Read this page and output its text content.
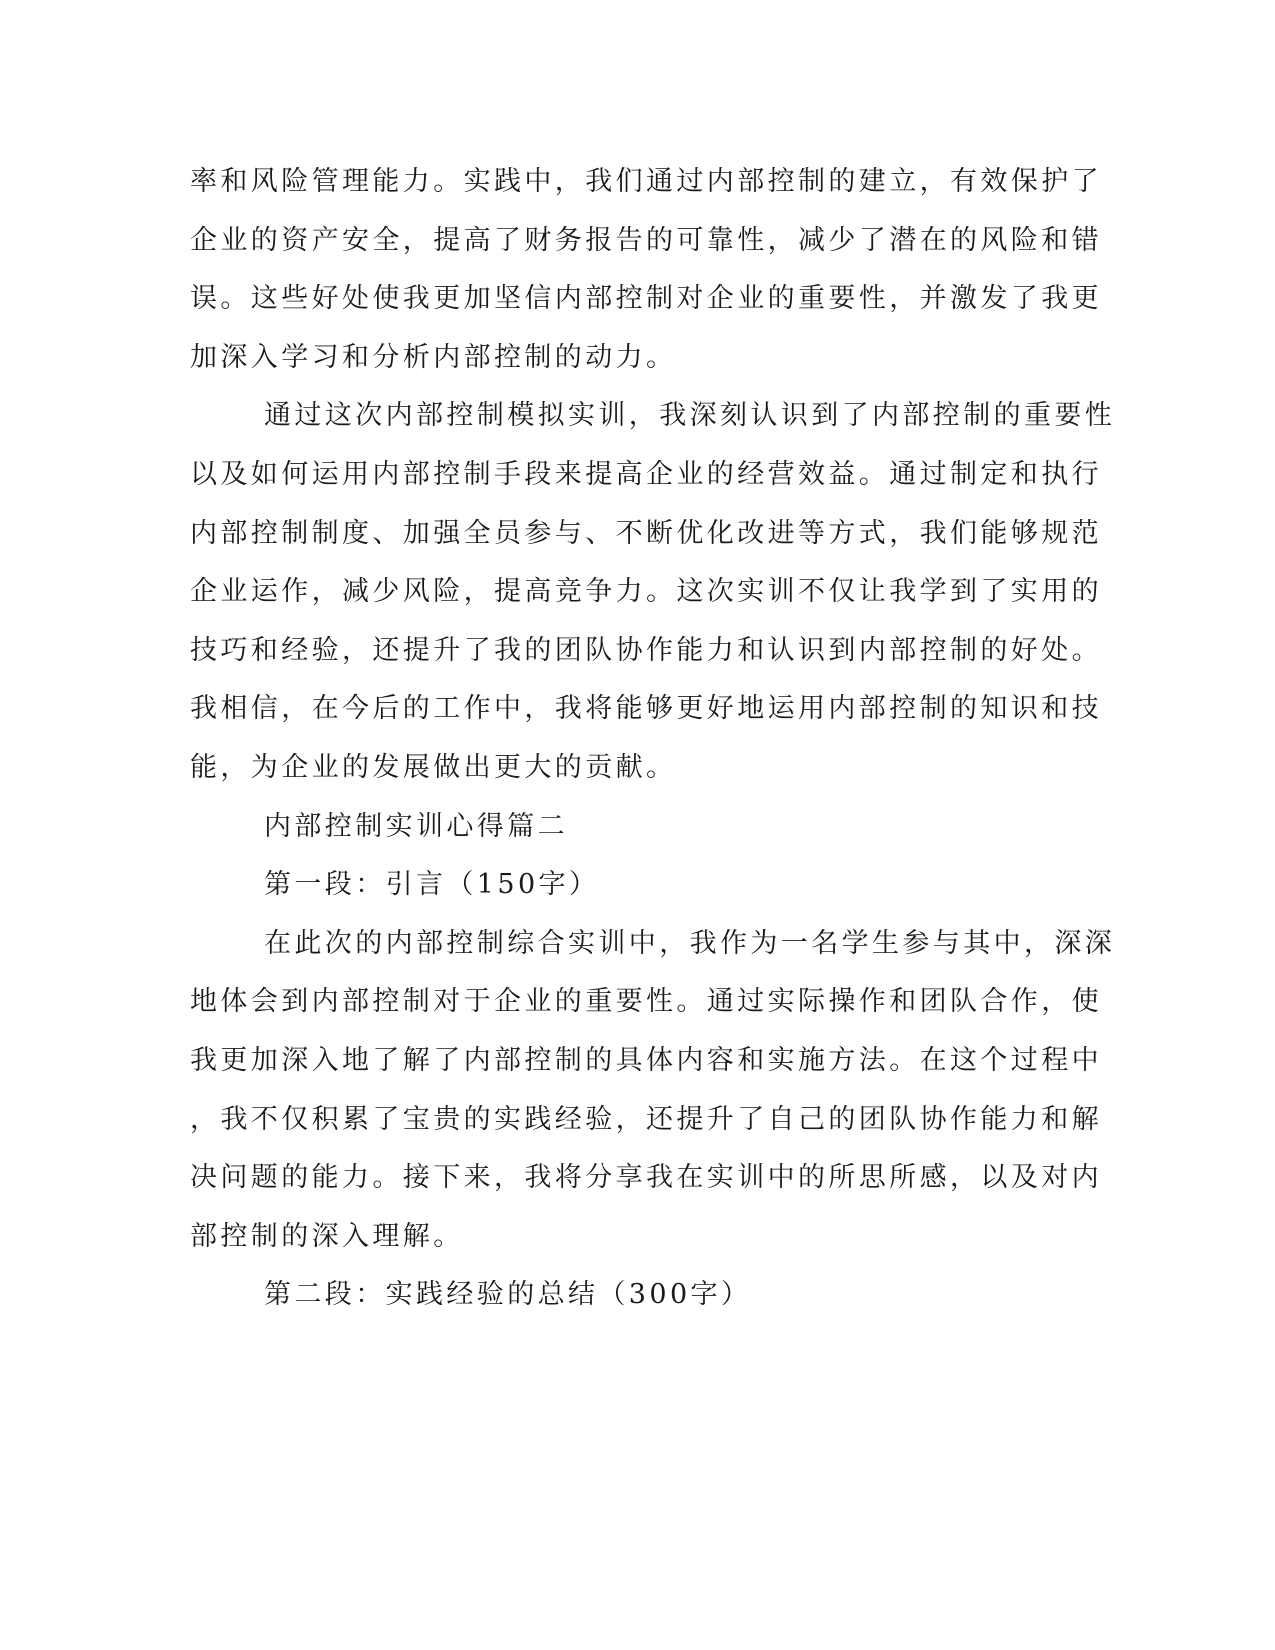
率和风险管理能力。实践中，我们通过内部控制的建立，有效保护了
企业的资产安全，提高了财务报告的可靠性，减少了潜在的风险和错
误。这些好处使我更加坚信内部控制对企业的重要性，并激发了我更
加深入学习和分析内部控制的动力。
通过这次内部控制模拟实训，我深刻认识到了内部控制的重要性
以及如何运用内部控制手段来提高企业的经营效益。通过制定和执行
内部控制制度、加强全员参与、不断优化改进等方式，我们能够规范
企业运作，减少风险，提高竞争力。这次实训不仅让我学到了实用的
技巧和经验，还提升了我的团队协作能力和认识到内部控制的好处。
我相信，在今后的工作中，我将能够更好地运用内部控制的知识和技
能，为企业的发展做出更大的贡献。
内部控制实训心得篇二
第一段：引言（150字）
在此次的内部控制综合实训中，我作为一名学生参与其中，深深
地体会到内部控制对于企业的重要性。通过实际操作和团队合作，使
我更加深入地了解了内部控制的具体内容和实施方法。在这个过程中
，我不仅积累了宝贵的实践经验，还提升了自己的团队协作能力和解
决问题的能力。接下来，我将分享我在实训中的所思所感，以及对内
部控制的深入理解。
第二段：实践经验的总结（300字）
